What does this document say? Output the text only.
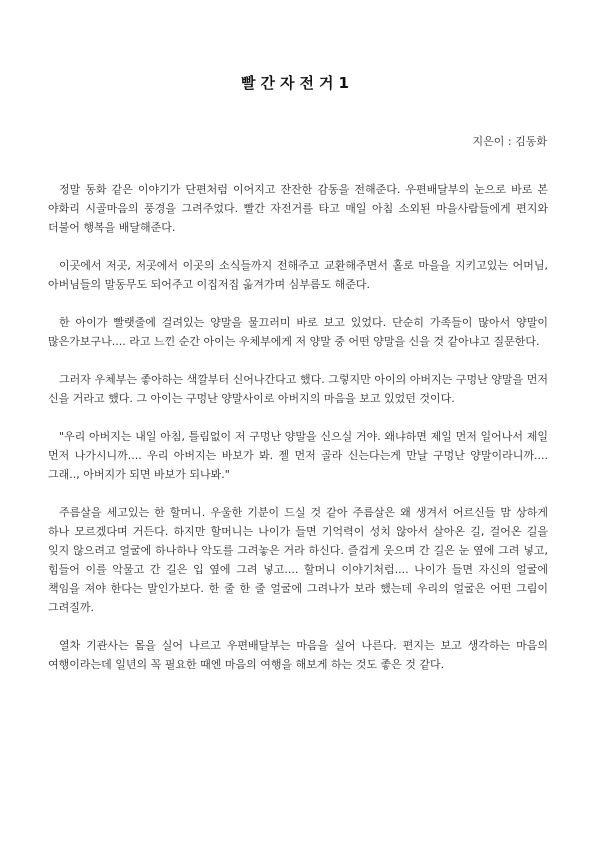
빨간자전거1
지은이 : 김동화

정말 동화 같은 이야기가 단편처럼 이어지고 잔잔한 감동을 전해준다. 우편배달부의 눈으로 바로 본 야화리 시골마음의 풍경을 그려주었다. 빨간 자전거를 타고 매일 아침 소외된 마을사람들에게 편지와 더불어 행복을 배달해준다.

이곳에서 저곳, 저곳에서 이곳의 소식들까지 전해주고 교환해주면서 홀로 마을을 지키고있는 어머님, 아버님들의 말동무도 되어주고 이집저집 옮겨가며 심부름도 해준다.

한 아이가 빨랫줄에 걸려있는 양말을 물끄러미 바로 보고 있었다. 단순히 가족들이 많아서 양말이 많은가보구나.... 라고 느낀 순간 아이는 우체부에게 저 양말 중 어떤 양말을 신을 것 같아냐고 질문한다.

그러자 우체부는 좋아하는 색깔부터 신어나간다고 했다. 그렇지만 아이의 아버지는 구멍난 양말을 먼저 신을 거라고 했다. 그 아이는 구멍난 양말사이로 아버지의 마음을 보고 있었던 것이다.

"우리 아버지는 내일 아침, 틀림없이 저 구멍난 양말을 신으실 거야. 왜냐하면 제일 먼저 일어나서 제일 먼저 나가시니까.... 우리 아버지는 바보가 봐. 젤 먼저 골라 신는다는게 만날 구멍난 양말이라니까.... 그래.., 아버지가 되면 바보가 되나봐."

주름살을 세고있는 한 할머니. 우울한 기분이 드실 것 같아 주름살은 왜 생겨서 어르신들 맘 상하게 하나 모르겠다며 거든다. 하지만 할머니는 나이가 들면 기억력이 성치 않아서 살아온 길, 걸어온 길을 잊지 않으려고 얼굴에 하나하나 악도를 그려놓은 거라 하신다. 즐겁게 웃으며 간 길은 눈 옆에 그려 넣고, 힘들어 이를 악물고 간 길은 입 옆에 그려 넣고.... 할머니 이야기처럼.... 나이가 들면 자신의 얼굴에 책임을 져야 한다는 말인가보다. 한 줄 한 줄 얼굴에 그려나가 보라 했는데 우리의 얼굴은 어떤 그림이 그려질까.

열차 기관사는 몸을 실어 나르고 우편배달부는 마음을 실어 나른다. 편지는 보고 생각하는 마음의 여행이라는데 일년의 꼭 필요한 때엔 마음의 여행을 해보게 하는 것도 좋은 것 같다.
